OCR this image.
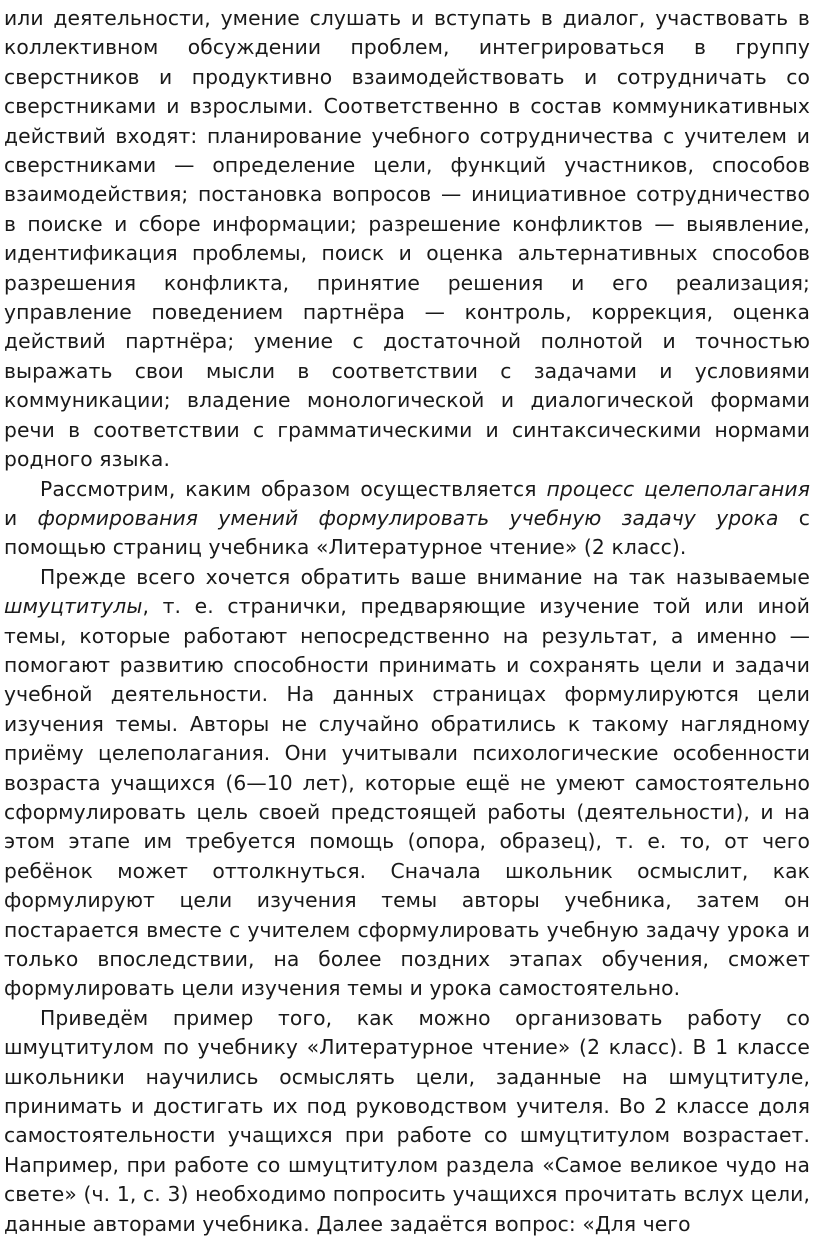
или деятельности, умение слушать и вступать в диалог, участвовать в коллективном обсуждении проблем, интегрироваться в группу сверстников и продуктивно взаимодействовать и сотрудничать со сверстниками и взрослыми. Соответственно в состав коммуникативных действий входят: планирование учебного сотрудничества с учителем и сверстниками — определение цели, функций участников, способов взаимодействия; постановка вопросов — инициативное сотрудничество в поиске и сборе информации; разрешение конфликтов — выявление, идентификация проблемы, поиск и оценка альтернативных способов разрешения конфликта, принятие решения и его реализация; управление поведением партнёра — контроль, коррекция, оценка действий партнёра; умение с достаточной полнотой и точностью выражать свои мысли в соответствии с задачами и условиями коммуникации; владение монологической и диалогической формами речи в соответствии с грамматическими и синтаксическими нормами родного языка.

Рассмотрим, каким образом осуществляется процесс целеполагания и формирования умений формулировать учебную задачу урока с помощью страниц учебника «Литературное чтение» (2 класс).

Прежде всего хочется обратить ваше внимание на так называемые шмуцтитулы, т. е. странички, предваряющие изучение той или иной темы, которые работают непосредственно на результат, а именно — помогают развитию способности принимать и сохранять цели и задачи учебной деятельности. На данных страницах формулируются цели изучения темы. Авторы не случайно обратились к такому наглядному приёму целеполагания. Они учитывали психологические особенности возраста учащихся (6—10 лет), которые ещё не умеют самостоятельно сформулировать цель своей предстоящей работы (деятельности), и на этом этапе им требуется помощь (опора, образец), т. е. то, от чего ребёнок может оттолкнуться. Сначала школьник осмыслит, как формулируют цели изучения темы авторы учебника, затем он постарается вместе с учителем сформулировать учебную задачу урока и только впоследствии, на более поздних этапах обучения, сможет формулировать цели изучения темы и урока самостоятельно.

Приведём пример того, как можно организовать работу со шмуцтитулом по учебнику «Литературное чтение» (2 класс). В 1 классе школьники научились осмыслять цели, заданные на шмуцтитуле, принимать и достигать их под руководством учителя. Во 2 классе доля самостоятельности учащихся при работе со шмуцтитулом возрастает. Например, при работе со шмуцтитулом раздела «Самое великое чудо на свете» (ч. 1, с. 3) необходимо попросить учащихся прочитать вслух цели, данные авторами учебника. Далее задаётся вопрос: «Для чего
